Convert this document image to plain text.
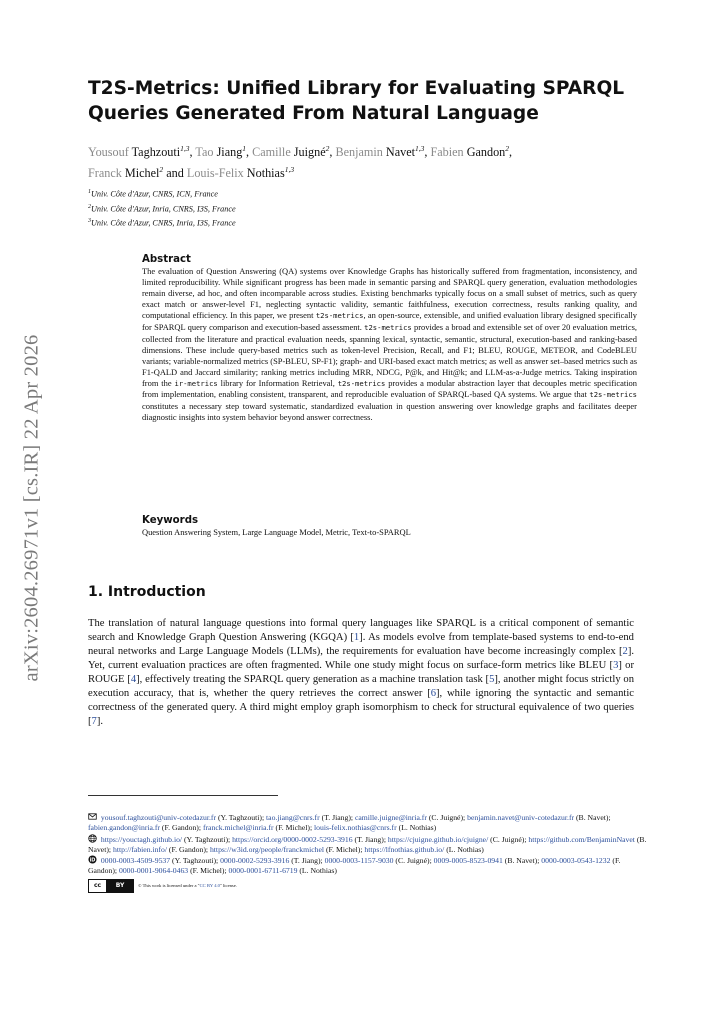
arXiv:2604.26971v1 [cs.IR] 22 Apr 2026
T2S-Metrics: Unified Library for Evaluating SPARQL Queries Generated From Natural Language
Yousouf Taghzouti$^{1,3}$, Tao Jiang$^1$, Camille Juigné$^2$, Benjamin Navet$^{1,3}$, Fabien Gandon$^2$,
Franck Michel$^2$ and Louis-Felix Nothias$^{1,3}$
$^1$Univ. Côte d'Azur, CNRS, ICN, France
$^2$Univ. Côte d'Azur, Inria, CNRS, I3S, France
$^3$Univ. Côte d'Azur, CNRS, Inria, I3S, France
Abstract

The evaluation of Question Answering (QA) systems over Knowledge Graphs has historically suffered from fragmentation, inconsistency, and limited reproducibility. While significant progress has been made in semantic parsing and SPARQL query generation, evaluation methodologies remain diverse, ad hoc, and often incomparable across studies. Existing benchmarks typically focus on a small subset of metrics, such as query exact match or answer-level F1, neglecting syntactic validity, semantic faithfulness, execution correctness, results ranking quality, and computational efficiency. In this paper, we present t2s-metrics, an open-source, extensible, and unified evaluation library designed specifically for SPARQL query comparison and execution-based assessment. t2s-metrics provides a broad and extensible set of over 20 evaluation metrics, collected from the literature and practical evaluation needs, spanning lexical, syntactic, semantic, structural, execution-based and ranking-based dimensions. These include query-based metrics such as token-level Precision, Recall, and F1; BLEU, ROUGE, METEOR, and CodeBLEU variants; variable-normalized metrics (SP-BLEU, SP-F1); graph- and URI-based exact match metrics; as well as answer set–based metrics such as F1-QALD and Jaccard similarity; ranking metrics including MRR, NDCG, P@k, and Hit@k; and LLM-as-a-Judge metrics. Taking inspiration from the ir-metrics library for Information Retrieval, t2s-metrics provides a modular abstraction layer that decouples metric specification from implementation, enabling consistent, transparent, and reproducible evaluation of SPARQL-based QA systems. We argue that t2s-metrics constitutes a necessary step toward systematic, standardized evaluation in question answering over knowledge graphs and facilitates deeper diagnostic insights into system behavior beyond answer correctness.

Keywords

Question Answering System, Large Language Model, Metric, Text-to-SPARQL

1. Introduction

The translation of natural language questions into formal query languages like SPARQL is a critical component of semantic search and Knowledge Graph Question Answering (KGQA) [1]. As models evolve from template-based systems to end-to-end neural networks and Large Language Models (LLMs), the requirements for evaluation have become increasingly complex [2]. Yet, current evaluation practices are often fragmented. While one study might focus on surface-form metrics like BLEU [3] or ROUGE [4], effectively treating the SPARQL query generation as a machine translation task [5], another might focus strictly on execution accuracy, that is, whether the query retrieves the correct answer [6], while ignoring the syntactic and semantic correctness of the generated query. A third might employ graph isomorphism to check for structural equivalence of two queries [7].

yousouf.taghzouti@univ-cotedazur.fr (Y. Taghzouti); tao.jiang@cnrs.fr (T. Jiang); camille.juigne@inria.fr (C. Juigné); benjamin.navet@univ-cotedazur.fr (B. Navet); fabien.gandon@inria.fr (F. Gandon); franck.michel@inria.fr (F. Michel); louis-felix.nothias@cnrs.fr (L. Nothias)
https://youctagh.github.io/ (Y. Taghzouti); https://orcid.org/0000-0002-5293-3916 (T. Jiang); https://cjuigne.github.io/cjuigne/ (C. Juigné); https://github.com/BenjaminNavet (B. Navet); http://fabien.info/ (F. Gandon); https://w3id.org/people/franckmichel (F. Michel); https://lfnothias.github.io/ (L. Nothias)
iD 0000-0003-4509-9537 (Y. Taghzouti); 0000-0002-5293-3916 (T. Jiang); 0000-0003-1157-9030 (C. Juigné); 0009-0005-8523-0941 (B. Navet); 0000-0003-0543-1232 (F. Gandon); 0000-0001-9064-0463 (F. Michel); 0000-0001-6711-6719 (L. Nothias)
cc	BY	© This work is licensed under a "CC BY 4.0" license.
